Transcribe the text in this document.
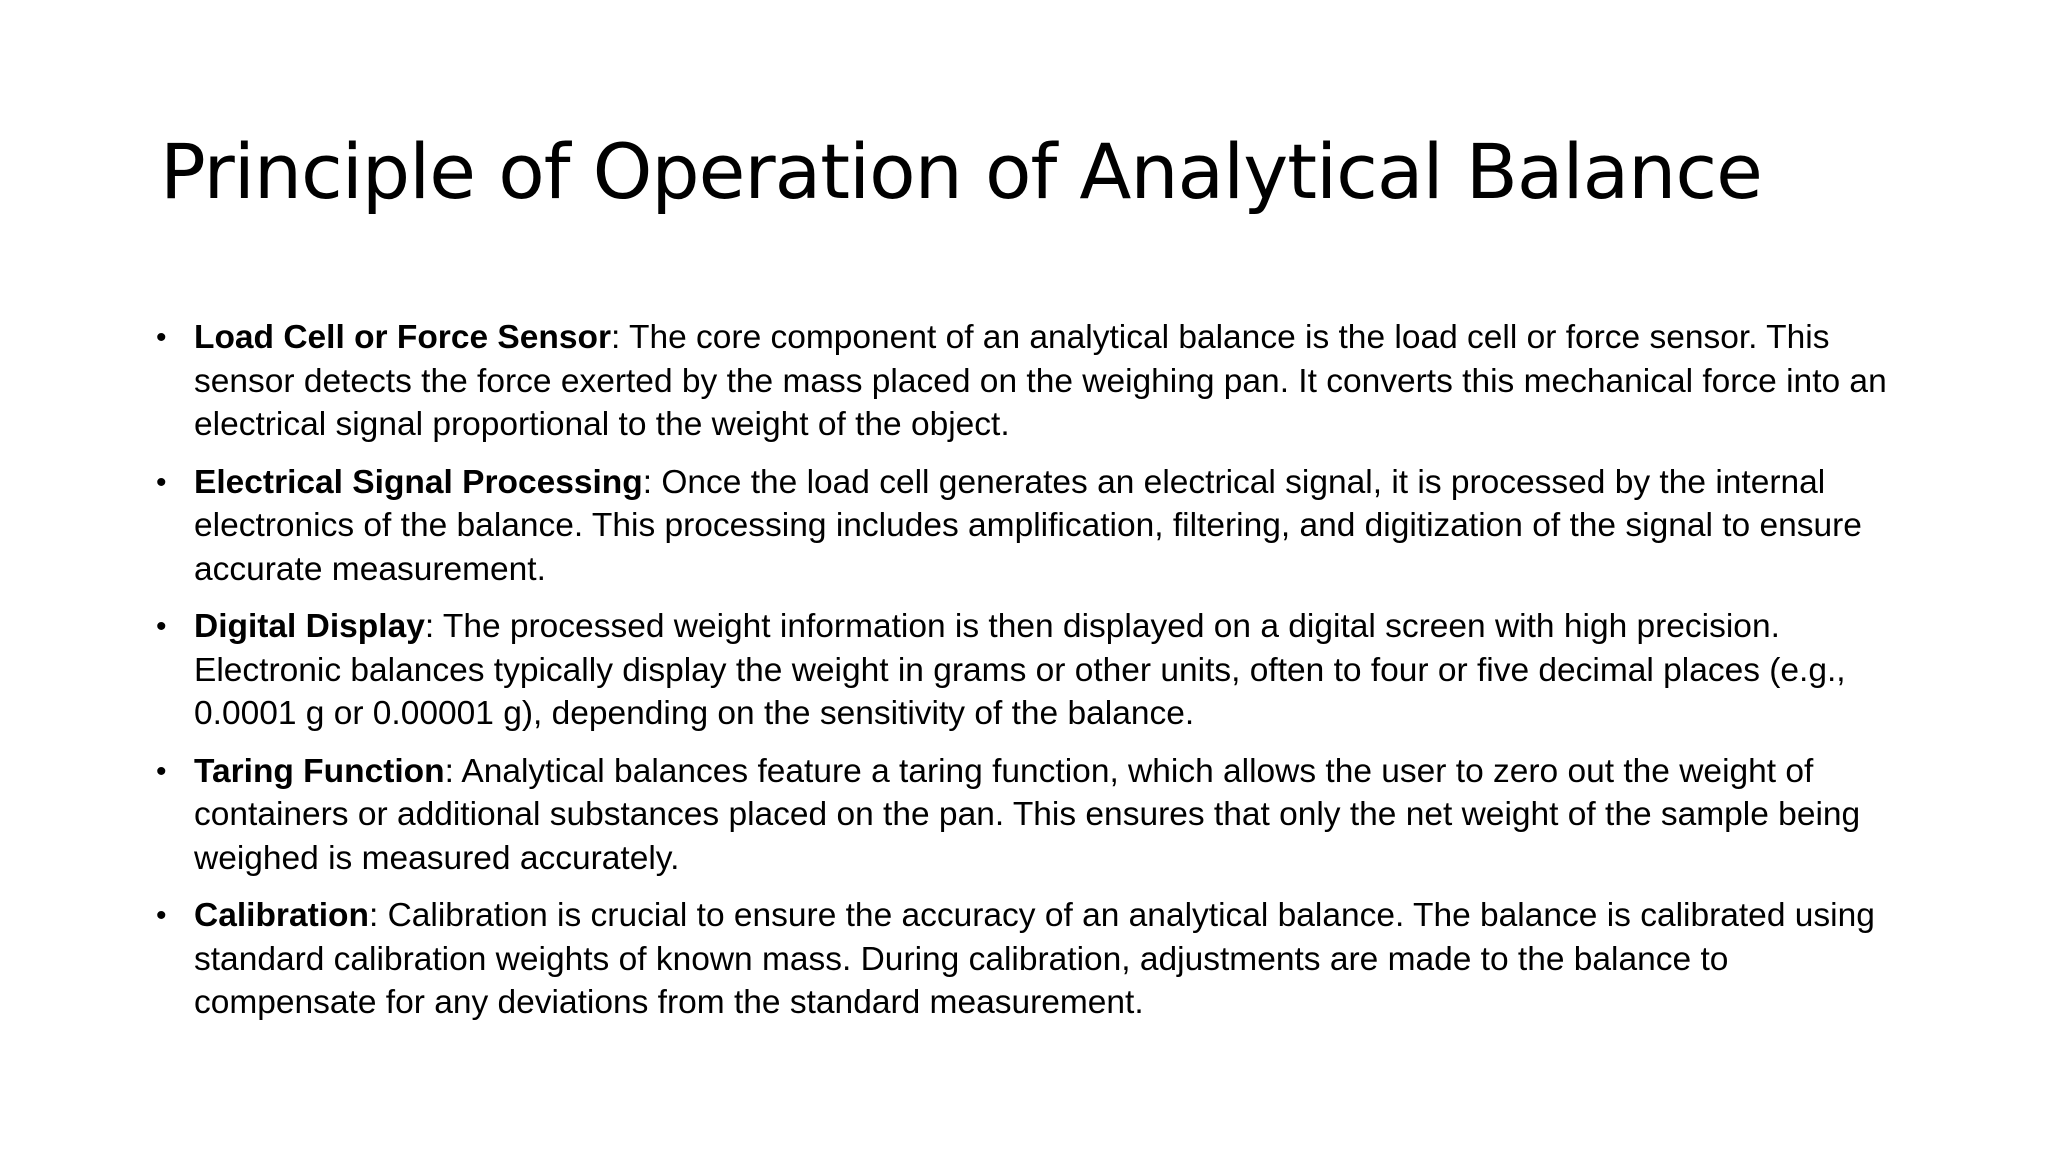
Principle of Operation of Analytical Balance
• Load Cell or Force Sensor: The core component of an analytical balance is the load cell or force sensor. This sensor detects the force exerted by the mass placed on the weighing pan. It converts this mechanical force into an electrical signal proportional to the weight of the object.
• Electrical Signal Processing: Once the load cell generates an electrical signal, it is processed by the internal electronics of the balance. This processing includes amplification, filtering, and digitization of the signal to ensure accurate measurement.
• Digital Display: The processed weight information is then displayed on a digital screen with high precision. Electronic balances typically display the weight in grams or other units, often to four or five decimal places (e.g., 0.0001 g or 0.00001 g), depending on the sensitivity of the balance.
• Taring Function: Analytical balances feature a taring function, which allows the user to zero out the weight of containers or additional substances placed on the pan. This ensures that only the net weight of the sample being weighed is measured accurately.
• Calibration: Calibration is crucial to ensure the accuracy of an analytical balance. The balance is calibrated using standard calibration weights of known mass. During calibration, adjustments are made to the balance to compensate for any deviations from the standard measurement.
